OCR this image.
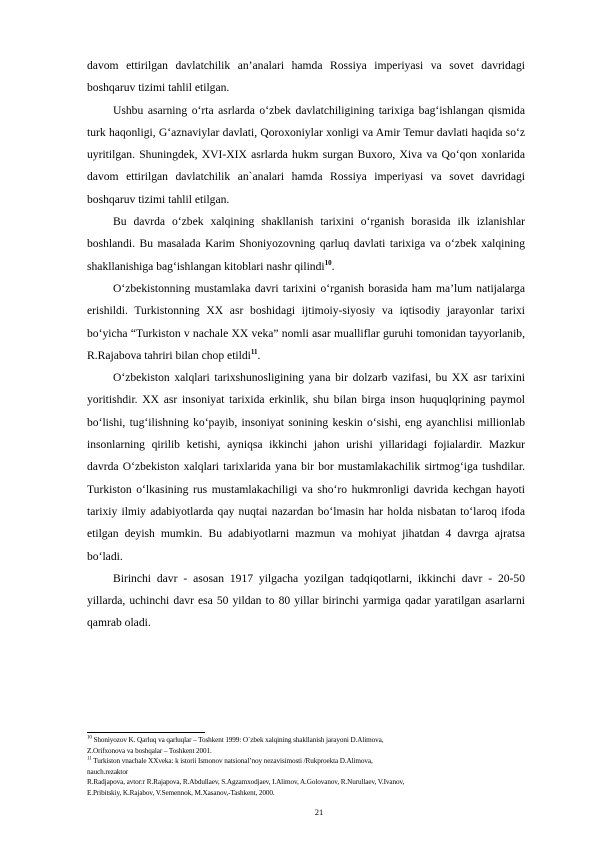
davom ettirilgan davlatchilik an’analari hamda Rossiya imperiyasi va sovet davridagi boshqaruv tizimi tahlil etilgan.

Ushbu asarning o‘rta asrlarda o‘zbek davlatchiligining tarixiga bag‘ishlangan qismida turk haqonligi, G‘aznaviylar davlati, Qoroxoniylar xonligi va Amir Temur davlati haqida so‘z uyritilgan. Shuningdek, XVI-XIX asrlarda hukm surgan Buxoro, Xiva va Qo‘qon xonlarida davom ettirilgan davlatchilik an`analari hamda Rossiya imperiyasi va sovet davridagi boshqaruv tizimi tahlil etilgan.

Bu davrda o‘zbek xalqining shakllanish tarixini o‘rganish borasida ilk izlanishlar boshlandi. Bu masalada Karim Shoniyozovning qarluq davlati tarixiga va o‘zbek xalqining shakllanishiga bag‘ishlangan kitoblari nashr qilindi$^{10}$.

O‘zbekistonning mustamlaka davri tarixini o‘rganish borasida ham ma’lum natijalarga erishildi. Turkistonning XX asr boshidagi ijtimoiy-siyosiy va iqtisodiy jarayonlar tarixi bo‘yicha “Turkiston v nachale XX veka” nomli asar mualliflar guruhi tomonidan tayyorlanib, R.Rajabova tahriri bilan chop etildi$^{11}$.

O‘zbekiston xalqlari tarixshunosligining yana bir dolzarb vazifasi, bu XX asr tarixini yoritishdir. XX asr insoniyat tarixida erkinlik, shu bilan birga inson huquqlqrining paymol bo‘lishi, tug‘ilishning ko‘payib, insoniyat sonining keskin o‘sishi, eng ayanchlisi millionlab insonlarning qirilib ketishi, ayniqsa ikkinchi jahon urishi yillaridagi fojialardir. Mazkur davrda O‘zbekiston xalqlari tarixlarida yana bir bor mustamlakachilik sirtmog‘iga tushdilar. Turkiston o‘lkasining rus mustamlakachiligi va sho‘ro hukmronligi davrida kechgan hayoti tarixiy ilmiy adabiyotlarda qay nuqtai nazardan bo‘lmasin har holda nisbatan to‘laroq ifoda etilgan deyish mumkin. Bu adabiyotlarni mazmun va mohiyat jihatdan 4 davrga ajratsa bo‘ladi.

Birinchi davr - asosan 1917 yilgacha yozilgan tadqiqotlarni, ikkinchi davr - 20-50 yillarda, uchinchi davr esa 50 yildan to 80 yillar birinchi yarmiga qadar yaratilgan asarlarni qamrab oladi.

$^{10}$ Shoniyozov K. Qarluq va qarluqlar – Toshkent 1999: O`zbek xalqining shakllanish jarayoni D.Alimova,
Z.Orifxonova va boshqalar – Toshkent 2001.
$^{11}$ Turkiston vnachale XXveka: k istorii Ismonov natsional’noy nezavisimosti /Rukproekta D.Alimova,
nauch.rezaktor
R.Radjapova, avtor:r R.Rajapova, R.Abdullaev, S.Agzamxodjaev, I.Alimov, A.Golovanov, R.Nurullaev, V.Ivanov,
E.Pribitskiy, K.Rajabov, V.Semennok, M.Xasanov,-Tashkent, 2000.
21
